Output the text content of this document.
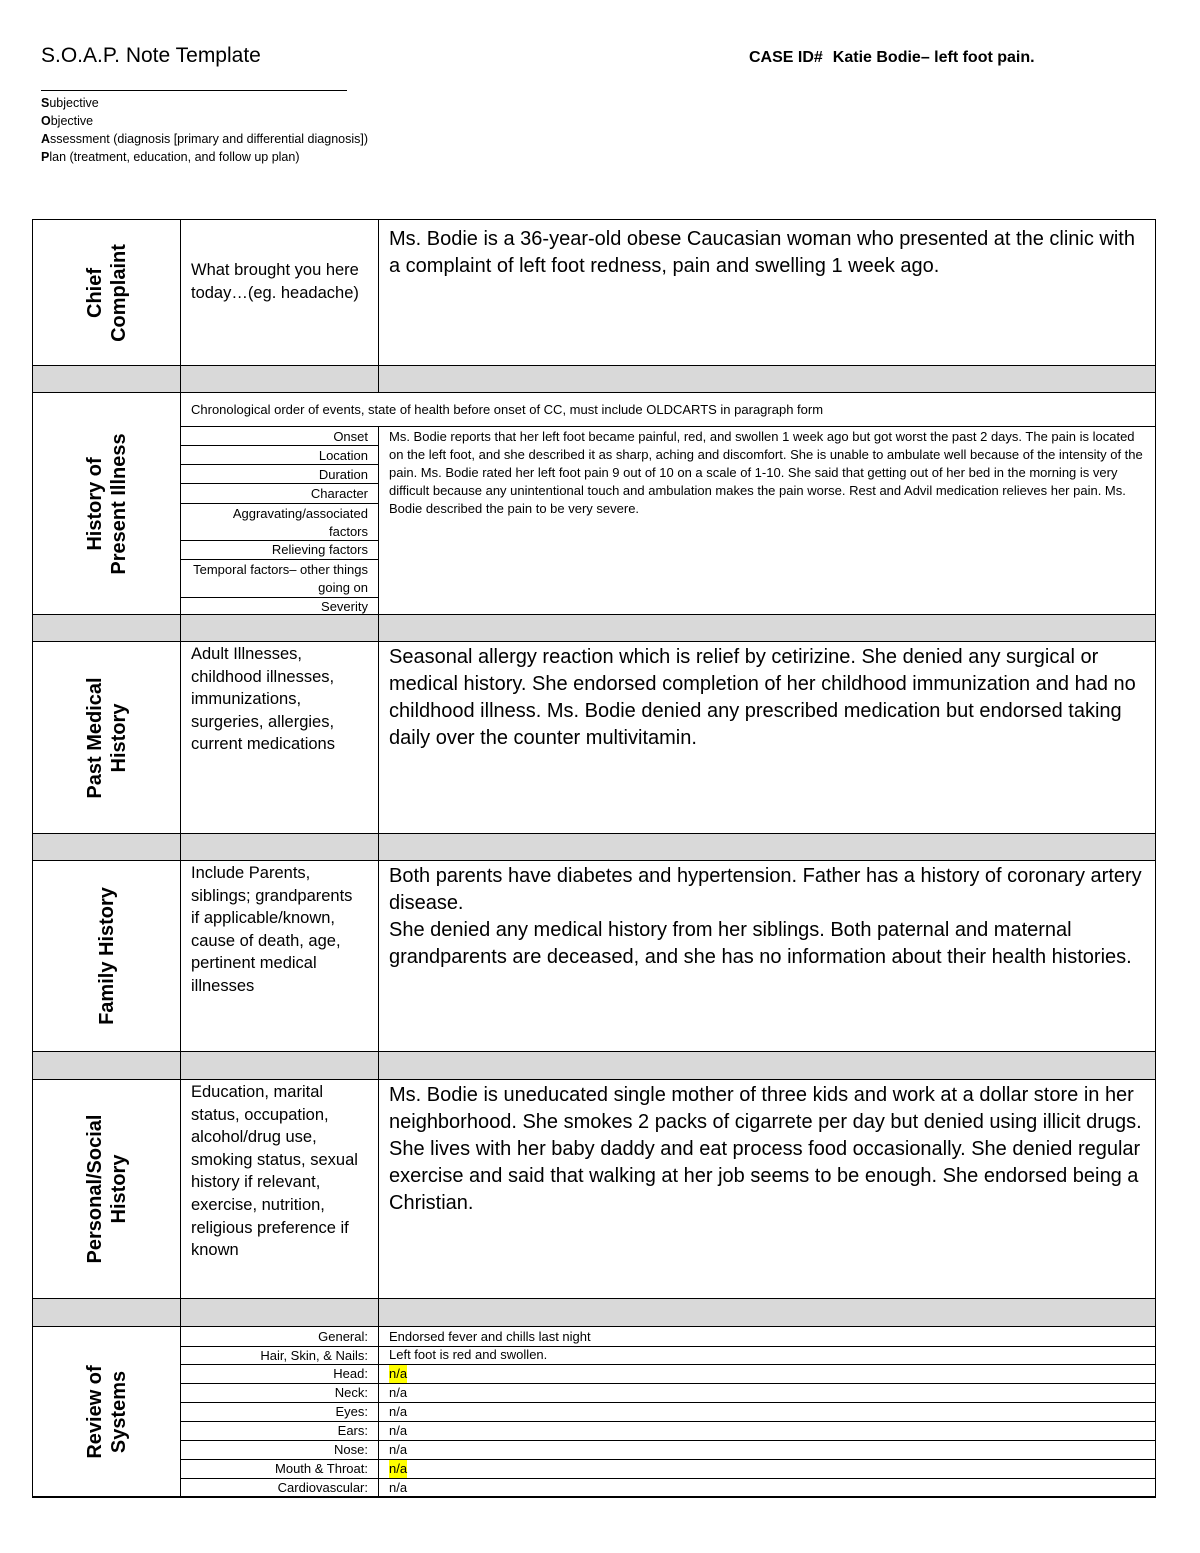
S.O.A.P. Note Template	CASE ID# Katie Bodie– left foot pain.
Subjective
Objective
Assessment (diagnosis [primary and differential diagnosis])
Plan (treatment, education, and follow up plan)
Chief Complaint	What brought you here today…(eg. headache)
Ms. Bodie is a 36-year-old obese Caucasian woman who presented at the clinic with a complaint of left foot redness, pain and swelling 1 week ago.
History of Present Illness
Chronological order of events, state of health before onset of CC, must include OLDCARTS in paragraph form
Onset
Location
Duration
Character
Aggravating/associated factors
Relieving factors
Temporal factors– other things going on
Severity
Ms. Bodie reports that her left foot became painful, red, and swollen 1 week ago but got worst the past 2 days. The pain is located on the left foot, and she described it as sharp, aching and discomfort. She is unable to ambulate well because of the intensity of the pain. Ms. Bodie rated her left foot pain 9 out of 10 on a scale of 1-10. She said that getting out of her bed in the morning is very difficult because any unintentional touch and ambulation makes the pain worse. Rest and Advil medication relieves her pain. Ms. Bodie described the pain to be very severe.
Past Medical History
Adult Illnesses, childhood illnesses, immunizations, surgeries, allergies, current medications
Seasonal allergy reaction which is relief by cetirizine. She denied any surgical or medical history. She endorsed completion of her childhood immunization and had no childhood illness. Ms. Bodie denied any prescribed medication but endorsed taking daily over the counter multivitamin.
Family History
Include Parents, siblings; grandparents if applicable/known, cause of death, age, pertinent medical illnesses
Both parents have diabetes and hypertension. Father has a history of coronary artery disease.
She denied any medical history from her siblings. Both paternal and maternal grandparents are deceased, and she has no information about their health histories.
Personal/Social History
Education, marital status, occupation, alcohol/drug use, smoking status, sexual history if relevant, exercise, nutrition, religious preference if known
Ms. Bodie is uneducated single mother of three kids and work at a dollar store in her neighborhood. She smokes 2 packs of cigarrete per day but denied using illicit drugs. She lives with her baby daddy and eat process food occasionally. She denied regular exercise and said that walking at her job seems to be enough. She endorsed being a Christian.
Review of Systems
General:
Hair, Skin, & Nails:
Head:
Neck:
Eyes:
Ears:
Nose:
Mouth & Throat:
Cardiovascular:
Endorsed fever and chills last night
Left foot is red and swollen.
n/a
n/a
n/a
n/a
n/a
n/a
n/a
